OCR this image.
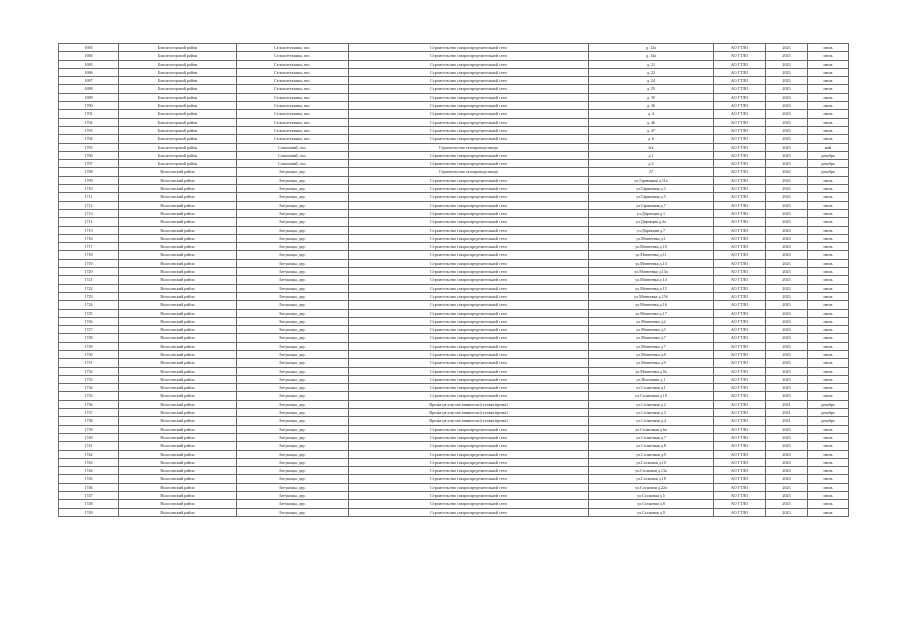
1693	Бокситогорский район	Сельхозтехника, пос.	Строительство газораспределительной сети	д. 12а	АО ГТЛО	2023	июль
1694	Бокситогорский район	Сельхозтехника, пос.	Строительство газораспределительной сети	д. 14а	АО ГТЛО	2023	июль
1695	Бокситогорский район	Сельхозтехника, пос.	Строительство газораспределительной сети	д. 21	АО ГТЛО	2023	июль
1696	Бокситогорский район	Сельхозтехника, пос.	Строительство газораспределительной сети	д. 22	АО ГТЛО	2023	июль
1697	Бокситогорский район	Сельхозтехника, пос.	Строительство газораспределительной сети	д. 24	АО ГТЛО	2023	июль
1698	Бокситогорский район	Сельхозтехника, пос.	Строительство газораспределительной сети	д. 25	АО ГТЛО	2023	июль
1699	Бокситогорский район	Сельхозтехника, пос.	Строительство газораспределительной сети	д. 35	АО ГТЛО	2023	июль
1700	Бокситогорский район	Сельхозтехника, пос.	Строительство газораспределительной сети	д. 36	АО ГТЛО	2023	июль
1701	Бокситогорский район	Сельхозтехника, пос.	Строительство газораспределительной сети	д. 4	АО ГТЛО	2023	июль
1702	Бокситогорский район	Сельхозтехника, пос.	Строительство газораспределительной сети	д. 46	АО ГТЛО	2023	июль
1703	Бокситогорский район	Сельхозтехника, пос.	Строительство газораспределительной сети	д. 47	АО ГТЛО	2023	июль
1704	Бокситогорский район	Сельхозтехника, пос.	Строительство газораспределительной сети	д. 6	АО ГТЛО	2023	июль
1705	Бокситогорский район	Совхозный, пос.	Строительство газопровода-ввода	6/а	АО ГТЛО	2023	май
1706	Бокситогорский район	Совхозный, пос.	Строительство газораспределительной сети	д.1	АО ГТЛО	2023	декабрь
1707	Бокситогорский район	Совхозный, пос.	Строительство газораспределительной сети	д.2	АО ГТЛО	2023	декабрь
1708	Волосовский район	Бегуницы, дер.	Строительство газопровода-ввода	27	АО ГТЛО	2022	декабрь
1709	Волосовский район	Бегуницы, дер.	Строительство газораспределительной сети	ул.Гарвинная д.11а	АО ГТЛО	2023	июль
1710	Волосовский район	Бегуницы, дер.	Строительство газораспределительной сети	ул.Гарвинная д.3	АО ГТЛО	2023	июль
1711	Волосовский район	Бегуницы, дер.	Строительство газораспределительной сети	ул.Гарвинная д.5	АО ГТЛО	2023	июль
1712	Волосовский район	Бегуницы, дер.	Строительство газораспределительной сети	ул.Гарвинная д.7	АО ГТЛО	2023	июль
1713	Волосовский район	Бегуницы, дер.	Строительство газораспределительной сети	ул.Дирекция д.1	АО ГТЛО	2023	июль
1714	Волосовский район	Бегуницы, дер.	Строительство газораспределительной сети	ул.Дирекция д.2а	АО ГТЛО	2023	июль
1715	Волосовский район	Бегуницы, дер.	Строительство газораспределительной сети	ул.Дирекция д.7	АО ГТЛО	2023	июль
1716	Волосовский район	Бегуницы, дер.	Строительство газораспределительной сети	ул.Матвеевка д.1	АО ГТЛО	2023	июль
1717	Волосовский район	Бегуницы, дер.	Строительство газораспределительной сети	ул.Матвеевка д.10	АО ГТЛО	2023	июль
1718	Волосовский район	Бегуницы, дер.	Строительство газораспределительной сети	ул.Матвеевка д.11	АО ГТЛО	2023	июль
1719	Волосовский район	Бегуницы, дер.	Строительство газораспределительной сети	ул.Матвеевка д.13	АО ГТЛО	2023	июль
1720	Волосовский район	Бегуницы, дер.	Строительство газораспределительной сети	ул.Матвеевка д.13а	АО ГТЛО	2023	июль
1721	Волосовский район	Бегуницы, дер.	Строительство газораспределительной сети	ул.Матвеевка д.14	АО ГТЛО	2023	июль
1722	Волосовский район	Бегуницы, дер.	Строительство газораспределительной сети	ул.Матвеевка д.15	АО ГТЛО	2023	июль
1723	Волосовский район	Бегуницы, дер.	Строительство газораспределительной сети	ул.Матвеевка д.15б	АО ГТЛО	2023	июль
1724	Волосовский район	Бегуницы, дер.	Строительство газораспределительной сети	ул.Матвеевка д.16	АО ГТЛО	2023	июль
1725	Волосовский район	Бегуницы, дер.	Строительство газораспределительной сети	ул.Матвеевка д.17	АО ГТЛО	2023	июль
1726	Волосовский район	Бегуницы, дер.	Строительство газораспределительной сети	ул.Матвеевка д.2	АО ГТЛО	2023	июль
1727	Волосовский район	Бегуницы, дер.	Строительство газораспределительной сети	ул.Матвеевка д.5	АО ГТЛО	2023	июль
1728	Волосовский район	Бегуницы, дер.	Строительство газораспределительной сети	ул.Матвеевка д.7	АО ГТЛО	2023	июль
1729	Волосовский район	Бегуницы, дер.	Строительство газораспределительной сети	ул.Матвеевка д.7	АО ГТЛО	2023	июль
1730	Волосовский район	Бегуницы, дер.	Строительство газораспределительной сети	ул.Матвеевка д.8	АО ГТЛО	2023	июль
1731	Волосовский район	Бегуницы, дер.	Строительство газораспределительной сети	ул.Матвеевка д.9	АО ГТЛО	2023	июль
1732	Волосовский район	Бегуницы, дер.	Строительство газораспределительной сети	ул.Матвеевка д.9а	АО ГТЛО	2023	июль
1733	Волосовский район	Бегуницы, дер.	Строительство газораспределительной сети	ул.Питомник д.1	АО ГТЛО	2023	июль
1734	Волосовский район	Бегуницы, дер.	Строительство газораспределительной сети	ул.Солнечная д.1	АО ГТЛО	2023	июль
1735	Волосовский район	Бегуницы, дер.	Строительство газораспределительной сети	ул.Солнечная д.10	АО ГТЛО	2023	июль
1736	Волосовский район	Бегуницы, дер.	Врезка на участке заявителя (гусевая врезка)	ул.Солнечная д.2	АО ГТЛО	2021	декабрь
1737	Волосовский район	Бегуницы, дер.	Врезка на участке заявителя (гусевая врезка)	ул.Солнечная д.3	АО ГТЛО	2021	декабрь
1738	Волосовский район	Бегуницы, дер.	Врезка на участке заявителя (гусевая врезка)	ул.Солнечная д.4	АО ГТЛО	2021	декабрь
1739	Волосовский район	Бегуницы, дер.	Строительство газораспределительной сети	ул.Солнечная д.6а	АО ГТЛО	2023	июль
1740	Волосовский район	Бегуницы, дер.	Строительство газораспределительной сети	ул.Солнечная д.7	АО ГТЛО	2023	июль
1741	Волосовский район	Бегуницы, дер.	Строительство газораспределительной сети	ул.Солнечная д.8	АО ГТЛО	2023	июль
1742	Волосовский район	Бегуницы, дер.	Строительство газораспределительной сети	ул.Солнечная д.9	АО ГТЛО	2023	июль
1743	Волосовский район	Бегуницы, дер.	Строительство газораспределительной сети	ул.Сосновая д.10	АО ГТЛО	2023	июль
1744	Волосовский район	Бегуницы, дер.	Строительство газораспределительной сети	ул.Сосновая д.13а	АО ГТЛО	2023	июль
1745	Волосовский район	Бегуницы, дер.	Строительство газораспределительной сети	ул.Сосновая д.18	АО ГТЛО	2023	июль
1746	Волосовский район	Бегуницы, дер.	Строительство газораспределительной сети	ул.Сосновая д.22а	АО ГТЛО	2023	июль
1747	Волосовский район	Бегуницы, дер.	Строительство газораспределительной сети	ул.Сосновая д.5	АО ГТЛО	2023	июль
1748	Волосовский район	Бегуницы, дер.	Строительство газораспределительной сети	ул.Сосновая д.8	АО ГТЛО	2023	июль
1749	Волосовский район	Бегуницы, дер.	Строительство газораспределительной сети	ул.Сосновая д.9	АО ГТЛО	2023	июль
